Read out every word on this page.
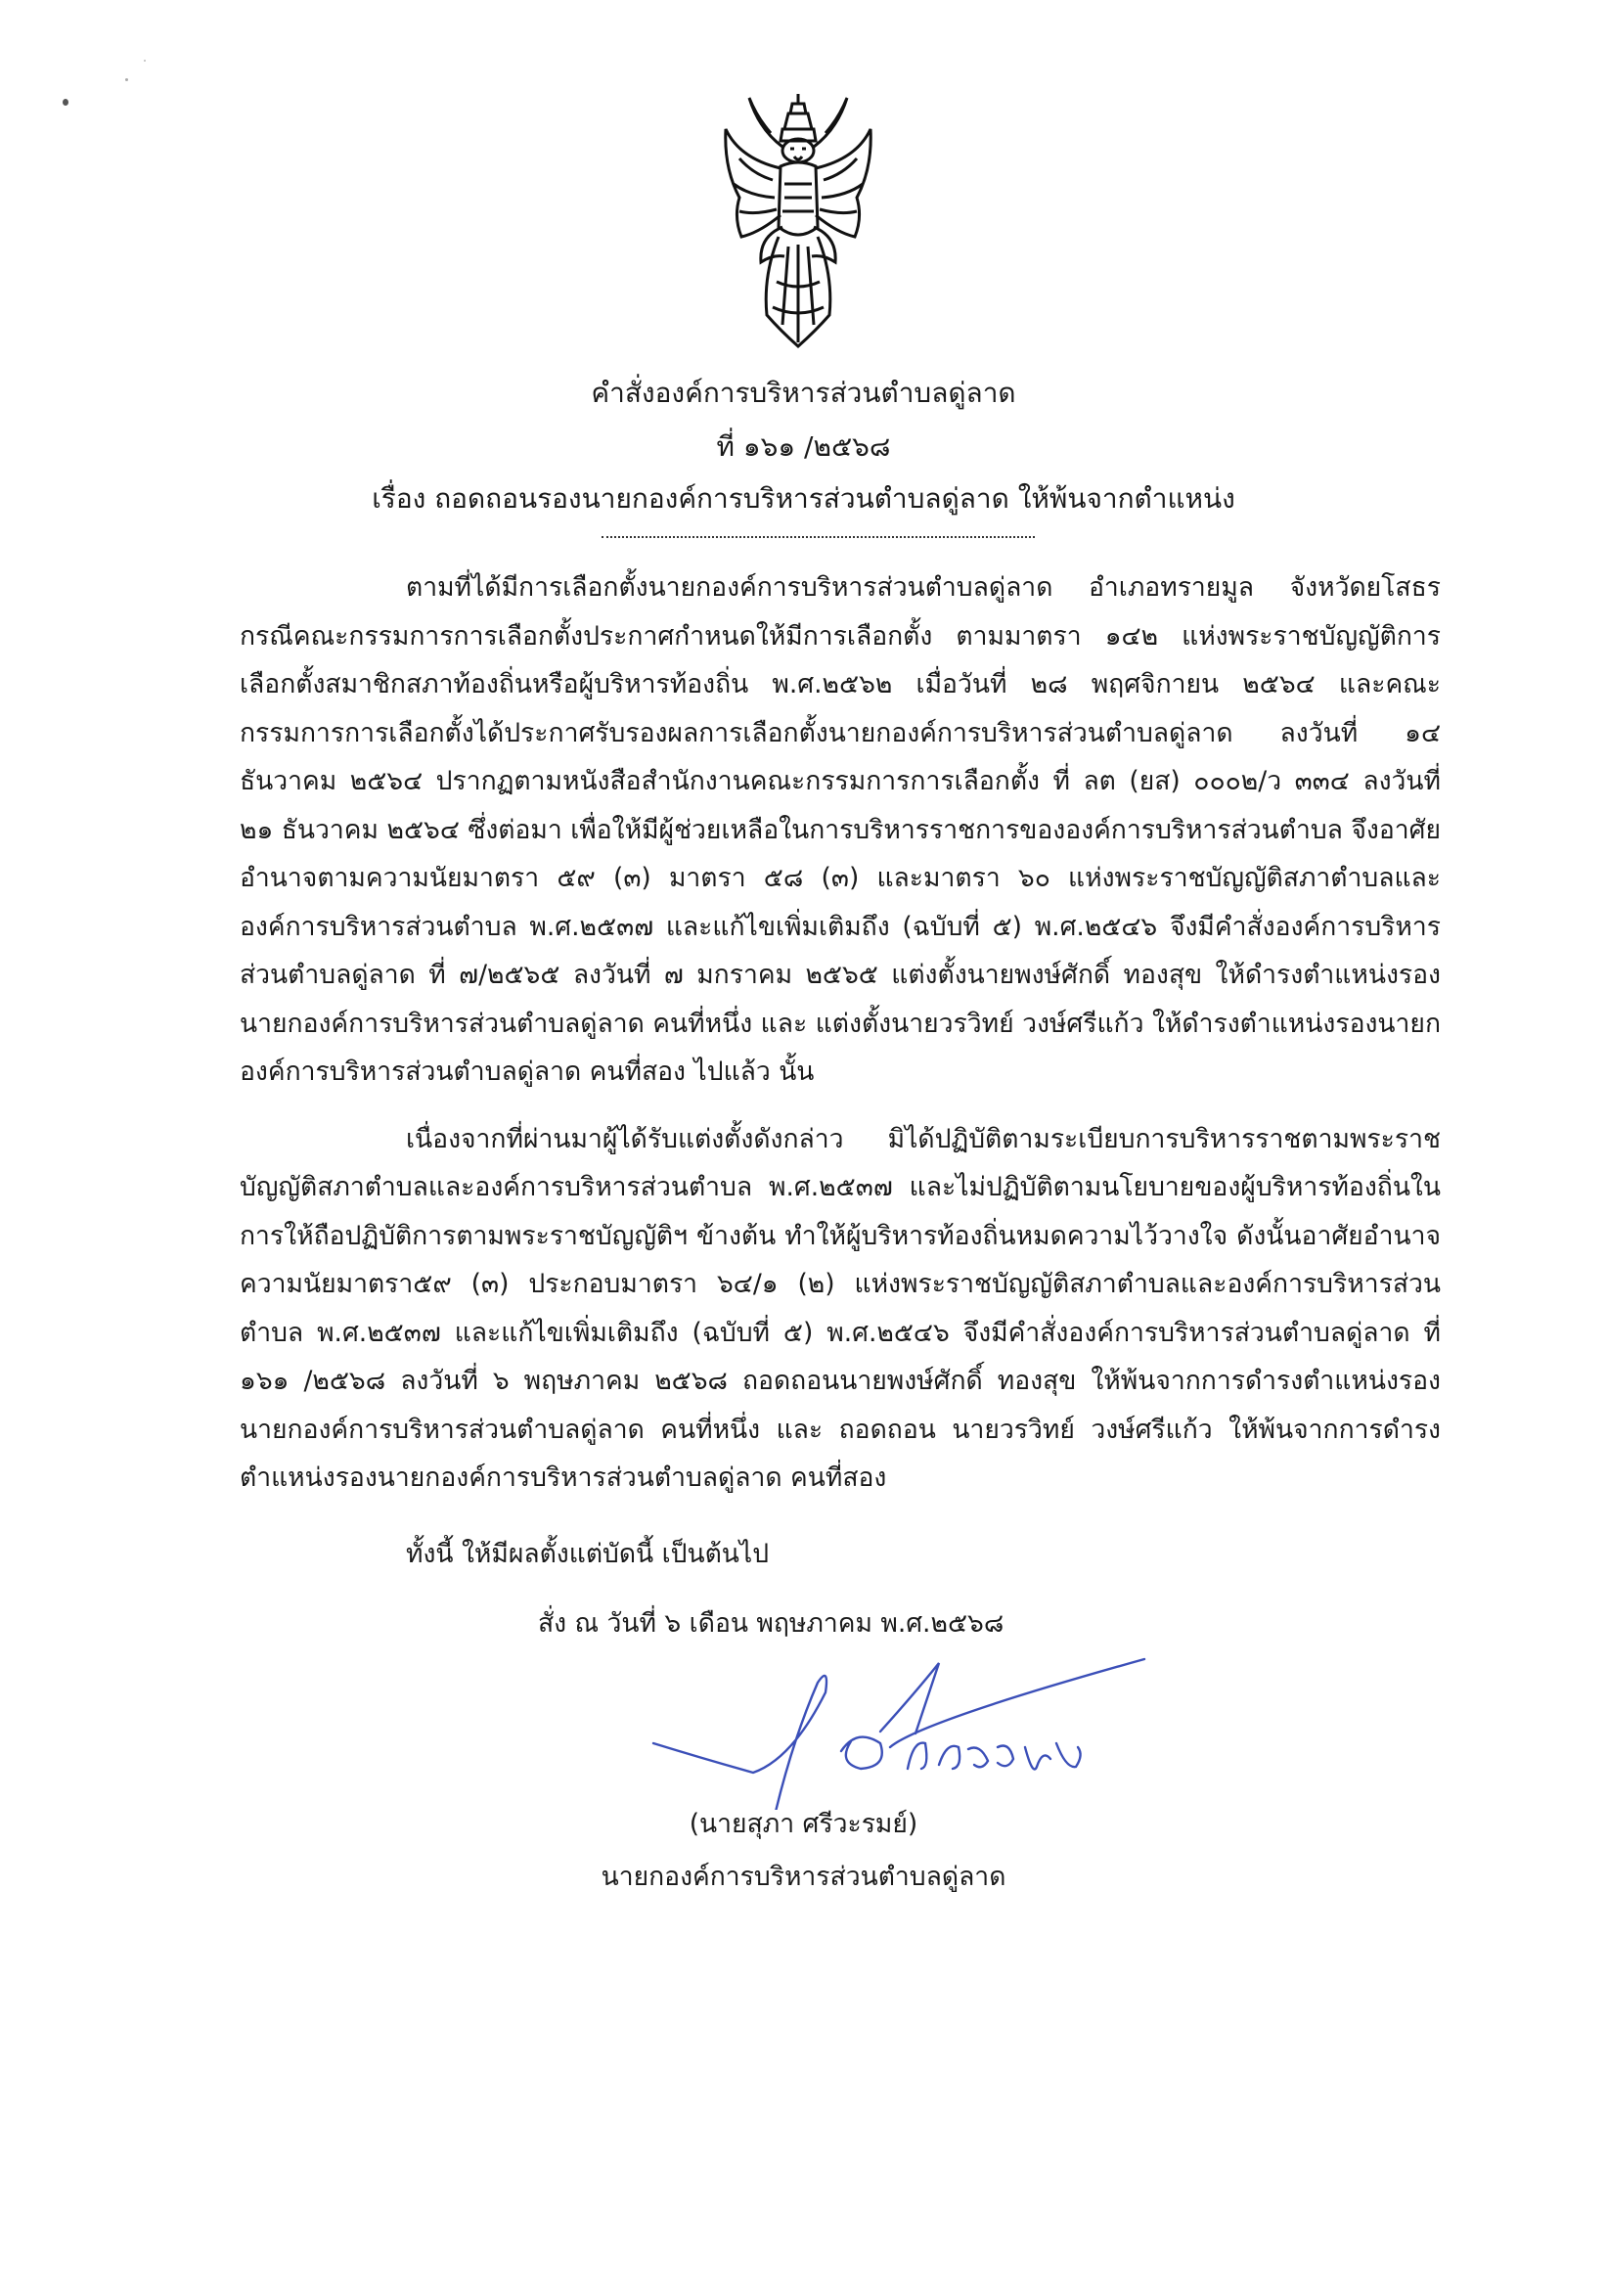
คำสั่งองค์การบริหารส่วนตำบลดู่ลาด
ที่ ๑๖๑ /๒๕๖๘
เรื่อง ถอดถอนรองนายกองค์การบริหารส่วนตำบลดู่ลาด ให้พ้นจากตำแหน่ง

ตามที่ได้มีการเลือกตั้งนายกองค์การบริหารส่วนตำบลดู่ลาด อำเภอทรายมูล จังหวัดยโสธร กรณีคณะกรรมการการเลือกตั้งประกาศกำหนดให้มีการเลือกตั้ง ตามมาตรา ๑๔๒ แห่งพระราชบัญญัติการเลือกตั้งสมาชิกสภาท้องถิ่นหรือผู้บริหารท้องถิ่น พ.ศ.๒๕๖๒ เมื่อวันที่ ๒๘ พฤศจิกายน ๒๕๖๔ และคณะกรรมการการเลือกตั้งได้ประกาศรับรองผลการเลือกตั้งนายกองค์การบริหารส่วนตำบลดู่ลาด ลงวันที่ ๑๔ ธันวาคม ๒๕๖๔ ปรากฏตามหนังสือสำนักงานคณะกรรมการการเลือกตั้ง ที่ ลต (ยส) ๐๐๐๒/ว ๓๓๔ ลงวันที่ ๒๑ ธันวาคม ๒๕๖๔ ซึ่งต่อมา เพื่อให้มีผู้ช่วยเหลือในการบริหารราชการขององค์การบริหารส่วนตำบล จึงอาศัยอำนาจตามความนัยมาตรา ๕๙ (๓) มาตรา ๕๘ (๓) และมาตรา ๖๐ แห่งพระราชบัญญัติสภาตำบลและองค์การบริหารส่วนตำบล พ.ศ.๒๕๓๗ และแก้ไขเพิ่มเติมถึง (ฉบับที่ ๕) พ.ศ.๒๕๔๖ จึงมีคำสั่งองค์การบริหารส่วนตำบลดู่ลาด ที่ ๗/๒๕๖๕ ลงวันที่ ๗ มกราคม ๒๕๖๕ แต่งตั้งนายพงษ์ศักดิ์ ทองสุข ให้ดำรงตำแหน่งรองนายกองค์การบริหารส่วนตำบลดู่ลาด คนที่หนึ่ง และ แต่งตั้งนายวรวิทย์ วงษ์ศรีแก้ว ให้ดำรงตำแหน่งรองนายกองค์การบริหารส่วนตำบลดู่ลาด คนที่สอง ไปแล้ว นั้น

เนื่องจากที่ผ่านมาผู้ได้รับแต่งตั้งดังกล่าว มิได้ปฏิบัติตามระเบียบการบริหารราชตามพระราชบัญญัติสภาตำบลและองค์การบริหารส่วนตำบล พ.ศ.๒๕๓๗ และไม่ปฏิบัติตามนโยบายของผู้บริหารท้องถิ่นในการให้ถือปฏิบัติการตามพระราชบัญญัติฯ ข้างต้น ทำให้ผู้บริหารท้องถิ่นหมดความไว้วางใจ ดังนั้นอาศัยอำนาจความนัยมาตรา๕๙ (๓) ประกอบมาตรา ๖๔/๑ (๒) แห่งพระราชบัญญัติสภาตำบลและองค์การบริหารส่วนตำบล พ.ศ.๒๕๓๗ และแก้ไขเพิ่มเติมถึง (ฉบับที่ ๕) พ.ศ.๒๕๔๖ จึงมีคำสั่งองค์การบริหารส่วนตำบลดู่ลาด ที่ ๑๖๑ /๒๕๖๘ ลงวันที่ ๖ พฤษภาคม ๒๕๖๘ ถอดถอนนายพงษ์ศักดิ์ ทองสุข ให้พ้นจากการดำรงตำแหน่งรองนายกองค์การบริหารส่วนตำบลดู่ลาด คนที่หนึ่ง และ ถอดถอน นายวรวิทย์ วงษ์ศรีแก้ว ให้พ้นจากการดำรงตำแหน่งรองนายกองค์การบริหารส่วนตำบลดู่ลาด คนที่สอง

ทั้งนี้ ให้มีผลตั้งแต่บัดนี้ เป็นต้นไป
สั่ง ณ วันที่ ๖ เดือน พฤษภาคม พ.ศ.๒๕๖๘
(นายสุภา ศรีวะรมย์)
นายกองค์การบริหารส่วนตำบลดู่ลาด
